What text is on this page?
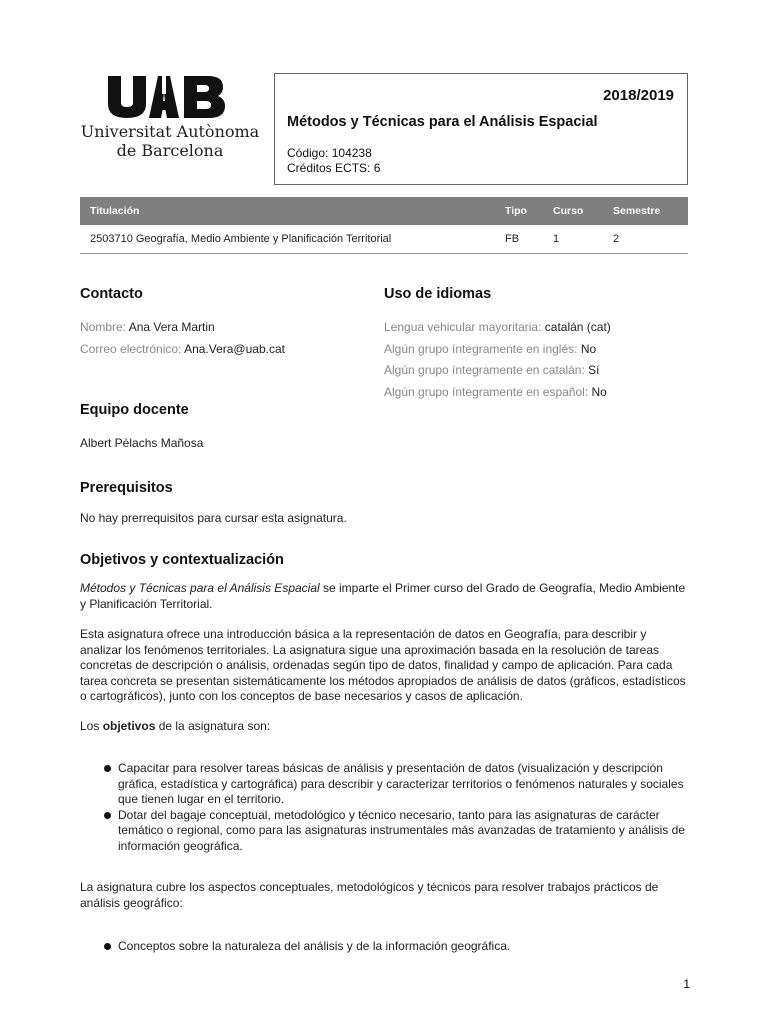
Universitat Autònoma
de Barcelona
2018/2019
Métodos y Técnicas para el Análisis Espacial
Código: 104238
Créditos ECTS: 6
Titulación	Tipo	Curso	Semestre
2503710 Geografía, Medio Ambiente y Planificación Territorial	FB	1	2
Contacto
Nombre: Ana Vera Martin
Correo electrónico: Ana.Vera@uab.cat
Uso de idiomas
Lengua vehicular mayoritaria: catalán (cat)
Algún grupo íntegramente en inglés: No
Algún grupo íntegramente en catalán: Sí
Algún grupo íntegramente en español: No
Equipo docente
Albert Pèlachs Mañosa
Prerequisitos
No hay prerrequisitos para cursar esta asignatura.
Objetivos y contextualización
Métodos y Técnicas para el Análisis Espacial se imparte el Primer curso del Grado de Geografía, Medio Ambiente y Planificación Territorial.
Esta asignatura ofrece una introducción básica a la representación de datos en Geografía, para describir y analizar los fenómenos territoriales. La asignatura sigue una aproximación basada en la resolución de tareas concretas de descripción o análisis, ordenadas según tipo de datos, finalidad y campo de aplicación. Para cada tarea concreta se presentan sistemáticamente los métodos apropiados de análisis de datos (gráficos, estadísticos o cartográficos), junto con los conceptos de base necesarios y casos de aplicación.
Los objetivos de la asignatura son:
Capacitar para resolver tareas básicas de análisis y presentación de datos (visualización y descripción gráfica, estadística y cartográfica) para describir y caracterizar territorios o fenómenos naturales y sociales que tienen lugar en el territorio.
Dotar del bagaje conceptual, metodológico y técnico necesario, tanto para las asignaturas de carácter temático o regional, como para las asignaturas instrumentales más avanzadas de tratamiento y análisis de información geográfica.
La asignatura cubre los aspectos conceptuales, metodológicos y técnicos para resolver trabajos prácticos de análisis geográfico:
Conceptos sobre la naturaleza del análisis y de la información geográfica.
1
